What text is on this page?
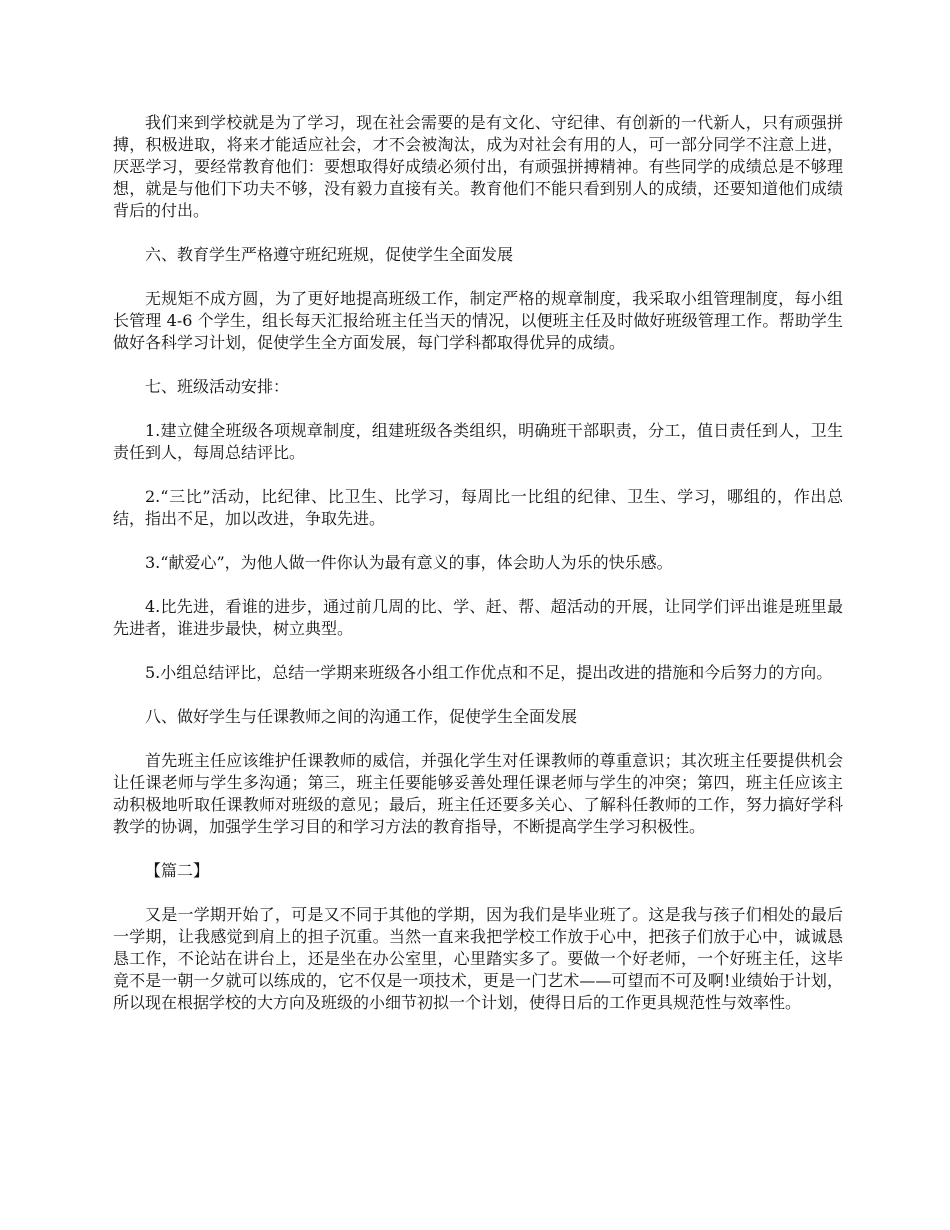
我们来到学校就是为了学习，现在社会需要的是有文化、守纪律、有创新的一代新人，只有顽强拼搏，积极进取，将来才能适应社会，才不会被淘汰，成为对社会有用的人，可一部分同学不注意上进，厌恶学习，要经常教育他们：要想取得好成绩必须付出，有顽强拼搏精神。有些同学的成绩总是不够理想，就是与他们下功夫不够，没有毅力直接有关。教育他们不能只看到别人的成绩，还要知道他们成绩背后的付出。

六、教育学生严格遵守班纪班规，促使学生全面发展

无规矩不成方圆，为了更好地提高班级工作，制定严格的规章制度，我采取小组管理制度，每小组长管理 4-6 个学生，组长每天汇报给班主任当天的情况，以便班主任及时做好班级管理工作。帮助学生做好各科学习计划，促使学生全方面发展，每门学科都取得优异的成绩。

七、班级活动安排：

1.建立健全班级各项规章制度，组建班级各类组织，明确班干部职责，分工，值日责任到人，卫生责任到人，每周总结评比。

2.“三比”活动，比纪律、比卫生、比学习，每周比一比组的纪律、卫生、学习，哪组的，作出总结，指出不足，加以改进，争取先进。

3.“献爱心”，为他人做一件你认为最有意义的事，体会助人为乐的快乐感。

4.比先进，看谁的进步，通过前几周的比、学、赶、帮、超活动的开展，让同学们评出谁是班里最先进者，谁进步最快，树立典型。

5.小组总结评比，总结一学期来班级各小组工作优点和不足，提出改进的措施和今后努力的方向。

八、做好学生与任课教师之间的沟通工作，促使学生全面发展

首先班主任应该维护任课教师的威信，并强化学生对任课教师的尊重意识；其次班主任要提供机会让任课老师与学生多沟通；第三，班主任要能够妥善处理任课老师与学生的冲突；第四，班主任应该主动积极地听取任课教师对班级的意见；最后，班主任还要多关心、了解科任教师的工作，努力搞好学科教学的协调，加强学生学习目的和学习方法的教育指导，不断提高学生学习积极性。

【篇二】

又是一学期开始了，可是又不同于其他的学期，因为我们是毕业班了。这是我与孩子们相处的最后一学期，让我感觉到肩上的担子沉重。当然一直来我把学校工作放于心中，把孩子们放于心中，诚诚恳恳工作，不论站在讲台上，还是坐在办公室里，心里踏实多了。要做一个好老师，一个好班主任，这毕竟不是一朝一夕就可以练成的，它不仅是一项技术，更是一门艺术——可望而不可及啊!业绩始于计划，所以现在根据学校的大方向及班级的小细节初拟一个计划，使得日后的工作更具规范性与效率性。
